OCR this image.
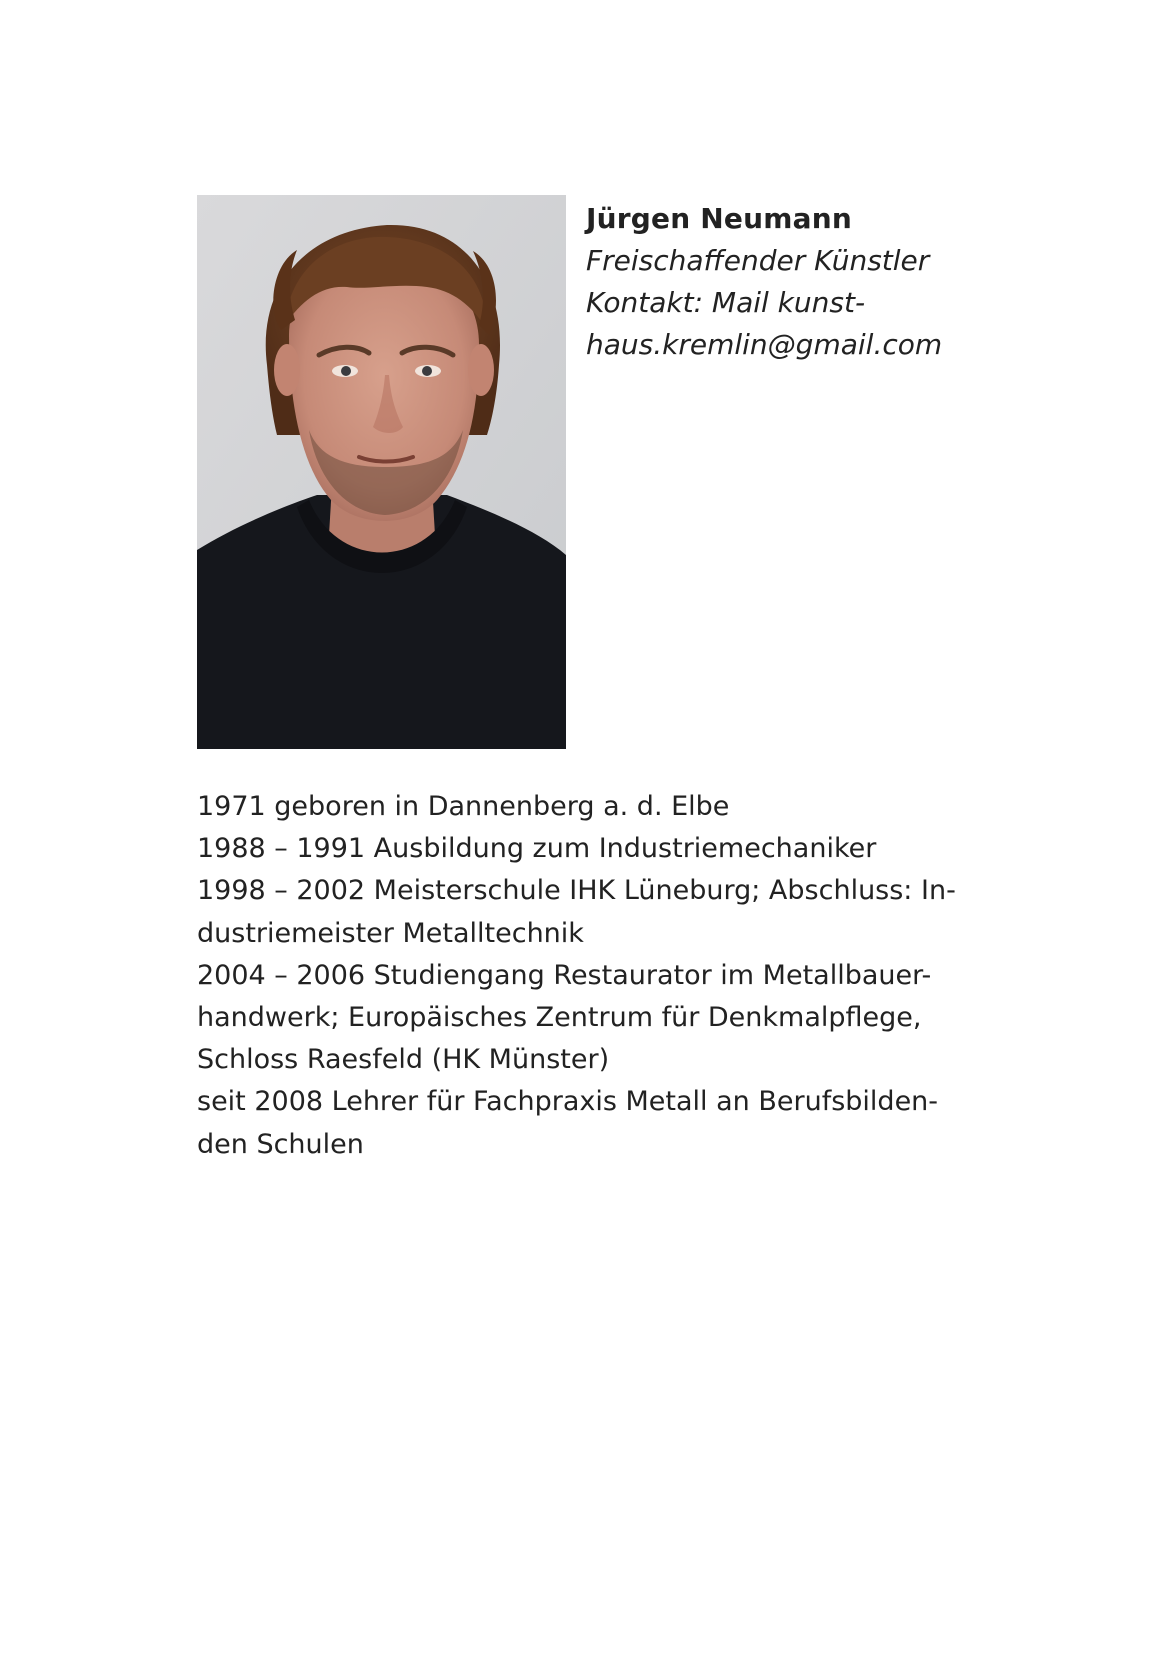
Jürgen Neumann

Freischaffender Künstler

Kontakt: Mail kunst-

haus.kremlin@gmail.com

1971 geboren in Dannenberg a. d. Elbe

1988 – 1991 Ausbildung zum Industriemechaniker

1998 – 2002 Meisterschule IHK Lüneburg; Abschluss: In-

dustriemeister Metalltechnik

2004 – 2006 Studiengang Restaurator im Metallbauer-

handwerk; Europäisches Zentrum für Denkmalpflege,

Schloss Raesfeld (HK Münster)

seit 2008 Lehrer für Fachpraxis Metall an Berufsbilden-

den Schulen
